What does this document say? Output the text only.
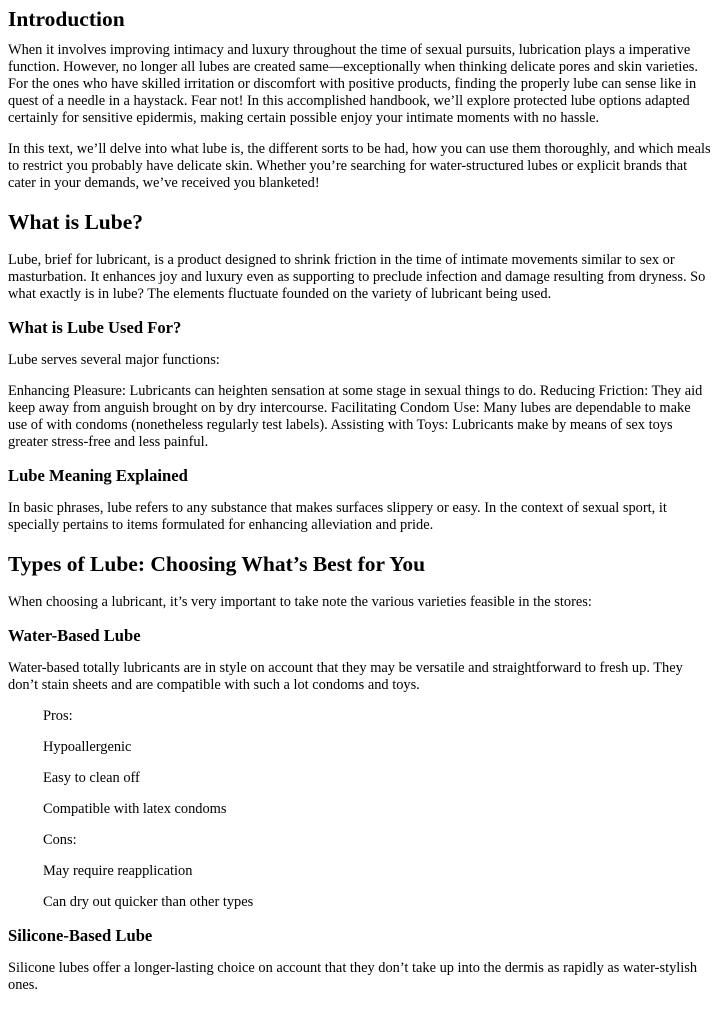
Introduction

When it involves improving intimacy and luxury throughout the time of sexual pursuits, lubrication plays a imperative function. However, no longer all lubes are created same—exceptionally when thinking delicate pores and skin varieties. For the ones who have skilled irritation or discomfort with positive products, finding the properly lube can sense like in quest of a needle in a haystack. Fear not! In this accomplished handbook, we’ll explore protected lube options adapted certainly for sensitive epidermis, making certain possible enjoy your intimate moments with no hassle.

In this text, we’ll delve into what lube is, the different sorts to be had, how you can use them thoroughly, and which meals to restrict you probably have delicate skin. Whether you’re searching for water-structured lubes or explicit brands that cater in your demands, we’ve received you blanketed!

What is Lube?

Lube, brief for lubricant, is a product designed to shrink friction in the time of intimate movements similar to sex or masturbation. It enhances joy and luxury even as supporting to preclude infection and damage resulting from dryness. So what exactly is in lube? The elements fluctuate founded on the variety of lubricant being used.

What is Lube Used For?

Lube serves several major functions:

Enhancing Pleasure: Lubricants can heighten sensation at some stage in sexual things to do. Reducing Friction: They aid keep away from anguish brought on by dry intercourse. Facilitating Condom Use: Many lubes are dependable to make use of with condoms (nonetheless regularly test labels). Assisting with Toys: Lubricants make by means of sex toys greater stress-free and less painful.

Lube Meaning Explained

In basic phrases, lube refers to any substance that makes surfaces slippery or easy. In the context of sexual sport, it specially pertains to items formulated for enhancing alleviation and pride.

Types of Lube: Choosing What’s Best for You

When choosing a lubricant, it’s very important to take note the various varieties feasible in the stores:

Water-Based Lube

Water-based totally lubricants are in style on account that they may be versatile and straightforward to fresh up. They don’t stain sheets and are compatible with such a lot condoms and toys.

Pros:
Hypoallergenic
Easy to clean off
Compatible with latex condoms
Cons:
May require reapplication
Can dry out quicker than other types
Silicone-Based Lube

Silicone lubes offer a longer-lasting choice on account that they don’t take up into the dermis as rapidly as water-stylish ones.
